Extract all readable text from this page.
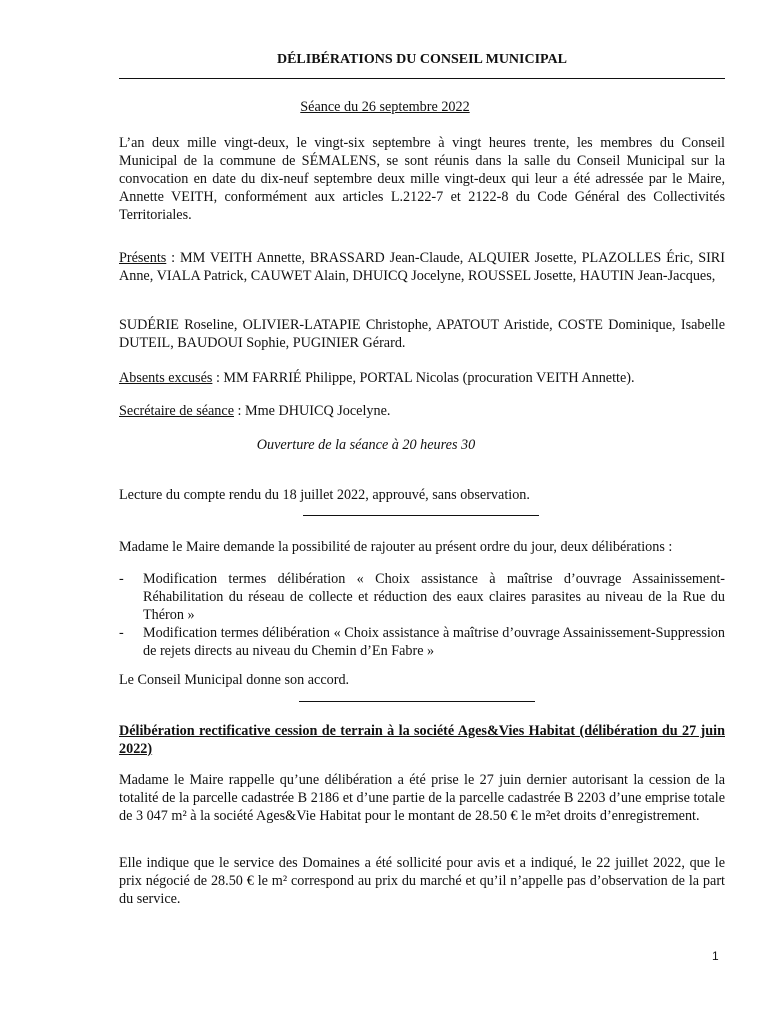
DÉLIBÉRATIONS DU CONSEIL MUNICIPAL
Séance du 26 septembre 2022
L’an deux mille vingt-deux, le vingt-six septembre à vingt heures trente, les membres du Conseil Municipal de la commune de SÉMALENS, se sont réunis dans la salle du Conseil Municipal sur la convocation en date du dix-neuf septembre deux mille vingt-deux qui leur a été adressée par le Maire, Annette VEITH, conformément aux articles L.2122-7 et 2122-8 du Code Général des Collectivités Territoriales.
Présents : MM VEITH Annette, BRASSARD Jean-Claude, ALQUIER Josette, PLAZOLLES Éric, SIRI Anne, VIALA Patrick, CAUWET Alain, DHUICQ Jocelyne, ROUSSEL Josette, HAUTIN Jean-Jacques,
SUDÉRIE Roseline, OLIVIER-LATAPIE Christophe, APATOUT Aristide, COSTE Dominique, Isabelle DUTEIL, BAUDOUI Sophie, PUGINIER Gérard.
Absents excusés : MM FARRIÉ Philippe, PORTAL Nicolas (procuration VEITH Annette).
Secrétaire de séance : Mme DHUICQ Jocelyne.
Ouverture de la séance à 20 heures 30
Lecture du compte rendu du 18 juillet 2022, approuvé, sans observation.
Madame le Maire demande la possibilité de rajouter au présent ordre du jour, deux délibérations :
- Modification termes délibération « Choix assistance à maîtrise d’ouvrage Assainissement-Réhabilitation du réseau de collecte et réduction des eaux claires parasites au niveau de la Rue du Théron »
- Modification termes délibération « Choix assistance à maîtrise d’ouvrage Assainissement-Suppression de rejets directs au niveau du Chemin d’En Fabre »
Le Conseil Municipal donne son accord.
Délibération rectificative cession de terrain à la société Ages&Vies Habitat (délibération du 27 juin 2022)
Madame le Maire rappelle qu’une délibération a été prise le 27 juin dernier autorisant la cession de la totalité de la parcelle cadastrée B 2186 et d’une partie de la parcelle cadastrée B 2203 d’une emprise totale de 3 047 m² à la société Ages&Vie Habitat pour le montant de 28.50 € le m²et droits d’enregistrement.
Elle indique que le service des Domaines a été sollicité pour avis et a indiqué, le 22 juillet 2022, que le prix négocié de 28.50 € le m² correspond au prix du marché et qu’il n’appelle pas d’observation de la part du service.
1
